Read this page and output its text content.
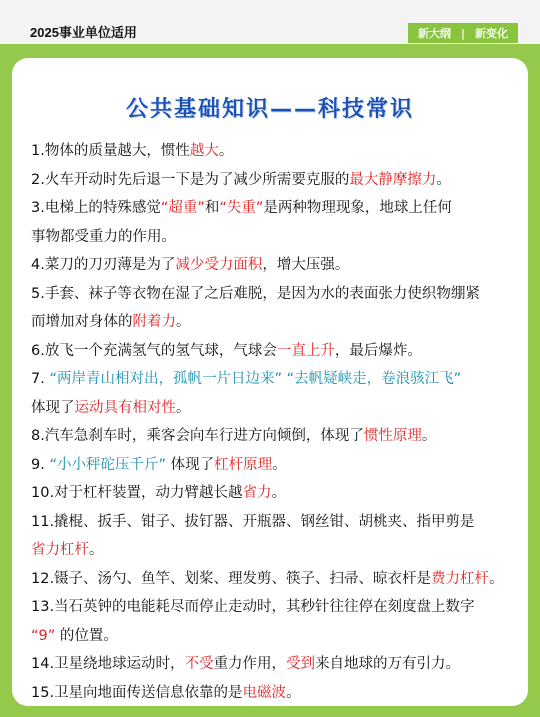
2025事业单位适用	新大纲 | 新变化
公共基础知识——科技常识
1.物体的质量越大，惯性越大。
2.火车开动时先后退一下是为了减少所需要克服的最大静摩擦力。
3.电梯上的特殊感觉“超重”和“失重”是两种物理现象，地球上任何
事物都受重力的作用。
4.菜刀的刀刃薄是为了减少受力面积，增大压强。
5.手套、袜子等衣物在湿了之后难脱，是因为水的表面张力使织物绷紧
而增加对身体的附着力。
6.放飞一个充满氢气的氢气球，气球会一直上升，最后爆炸。
7. “两岸青山相对出，孤帆一片日边来” “去帆疑峡走，卷浪骇江飞”
体现了运动具有相对性。
8.汽车急刹车时，乘客会向车行进方向倾倒，体现了惯性原理。
9. “小小秤砣压千斤” 体现了杠杆原理。
10.对于杠杆装置，动力臂越长越省力。
11.撬棍、扳手、钳子、拔钉器、开瓶器、钢丝钳、胡桃夹、指甲剪是
省力杠杆。
12.镊子、汤勺、鱼竿、划桨、理发剪、筷子、扫帚、晾衣杆是费力杠杆。
13.当石英钟的电能耗尽而停止走动时，其秒针往往停在刻度盘上数字
“9” 的位置。
14.卫星绕地球运动时，不受重力作用，受到来自地球的万有引力。
15.卫星向地面传送信息依靠的是电磁波。
